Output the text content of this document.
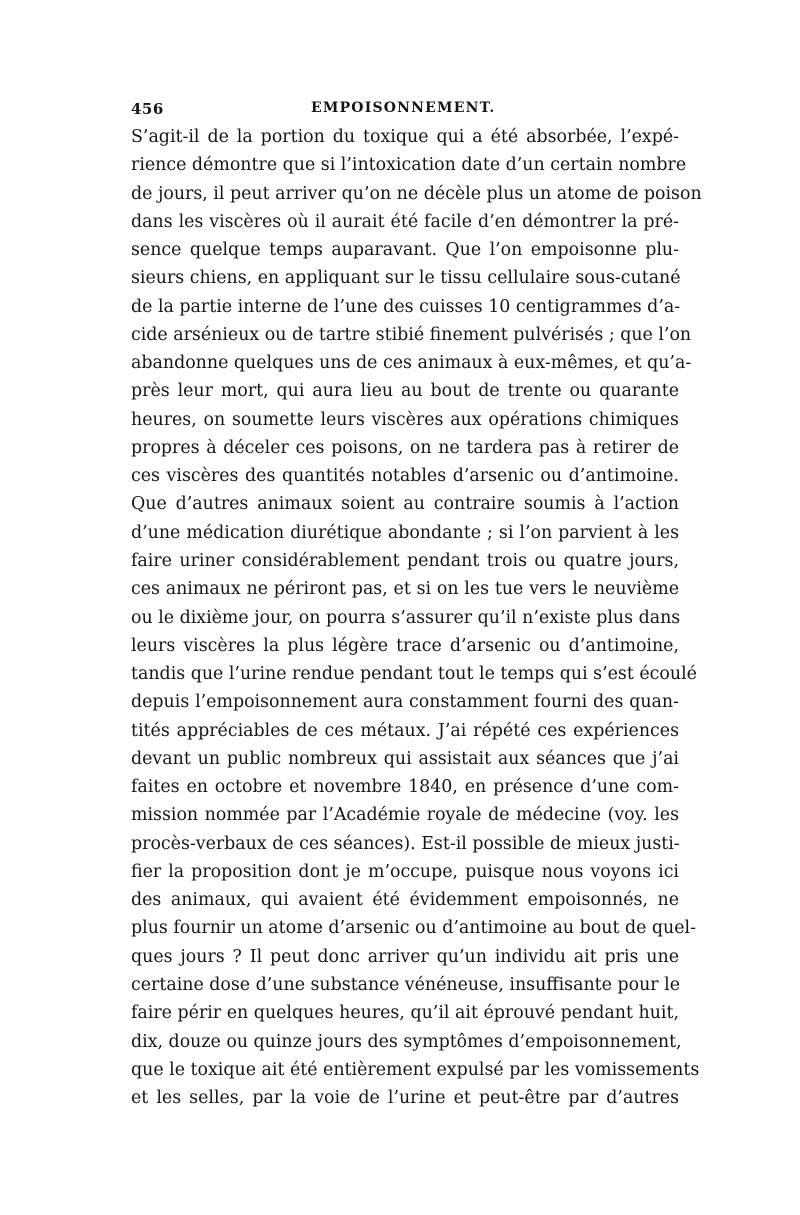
456	EMPOISONNEMENT.
S’agit-il de la portion du toxique qui a été absorbée, l’expé-
rience démontre que si l’intoxication date d’un certain nombre
de jours, il peut arriver qu’on ne décèle plus un atome de poison
dans les viscères où il aurait été facile d’en démontrer la pré-
sence quelque temps auparavant. Que l’on empoisonne plu-
sieurs chiens, en appliquant sur le tissu cellulaire sous-cutané
de la partie interne de l’une des cuisses 10 centigrammes d’a-
cide arsénieux ou de tartre stibié finement pulvérisés ; que l’on
abandonne quelques uns de ces animaux à eux-mêmes, et qu’a-
près leur mort, qui aura lieu au bout de trente ou quarante
heures, on soumette leurs viscères aux opérations chimiques
propres à déceler ces poisons, on ne tardera pas à retirer de
ces viscères des quantités notables d’arsenic ou d’antimoine.
Que d’autres animaux soient au contraire soumis à l’action
d’une médication diurétique abondante ; si l’on parvient à les
faire uriner considérablement pendant trois ou quatre jours,
ces animaux ne périront pas, et si on les tue vers le neuvième
ou le dixième jour, on pourra s’assurer qu’il n’existe plus dans
leurs viscères la plus légère trace d’arsenic ou d’antimoine,
tandis que l’urine rendue pendant tout le temps qui s’est écoulé
depuis l’empoisonnement aura constamment fourni des quan-
tités appréciables de ces métaux. J’ai répété ces expériences
devant un public nombreux qui assistait aux séances que j’ai
faites en octobre et novembre 1840, en présence d’une com-
mission nommée par l’Académie royale de médecine (voy. les
procès-verbaux de ces séances). Est-il possible de mieux justi-
fier la proposition dont je m’occupe, puisque nous voyons ici
des animaux, qui avaient été évidemment empoisonnés, ne
plus fournir un atome d’arsenic ou d’antimoine au bout de quel-
ques jours ? Il peut donc arriver qu’un individu ait pris une
certaine dose d’une substance vénéneuse, insuffisante pour le
faire périr en quelques heures, qu’il ait éprouvé pendant huit,
dix, douze ou quinze jours des symptômes d’empoisonnement,
que le toxique ait été entièrement expulsé par les vomissements
et les selles, par la voie de l’urine et peut-être par d’autres
